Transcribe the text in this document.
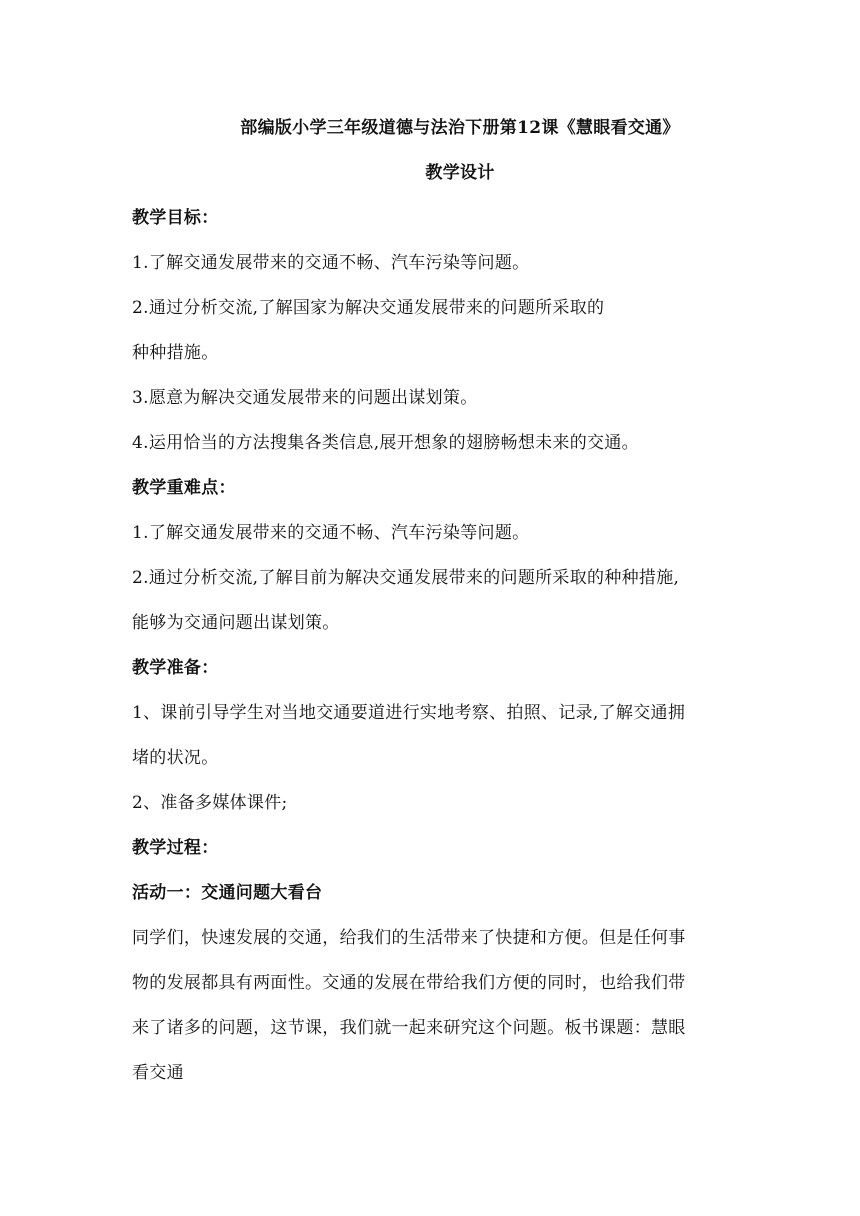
部编版小学三年级道德与法治下册第12课《慧眼看交通》
教学设计
教学目标：
1.了解交通发展带来的交通不畅、汽车污染等问题。
2.通过分析交流,了解国家为解决交通发展带来的问题所采取的
种种措施。
3.愿意为解决交通发展带来的问题出谋划策。
4.运用恰当的方法搜集各类信息,展开想象的翅膀畅想未来的交通。
教学重难点：
1.了解交通发展带来的交通不畅、汽车污染等问题。
2.通过分析交流,了解目前为解决交通发展带来的问题所采取的种种措施,
能够为交通问题出谋划策。
教学准备：
1、课前引导学生对当地交通要道进行实地考察、拍照、记录,了解交通拥
堵的状况。
2、准备多媒体课件;
教学过程：
活动一：交通问题大看台
同学们，快速发展的交通，给我们的生活带来了快捷和方便。但是任何事
物的发展都具有两面性。交通的发展在带给我们方便的同时，也给我们带
来了诸多的问题，这节课，我们就一起来研究这个问题。板书课题：慧眼
看交通
